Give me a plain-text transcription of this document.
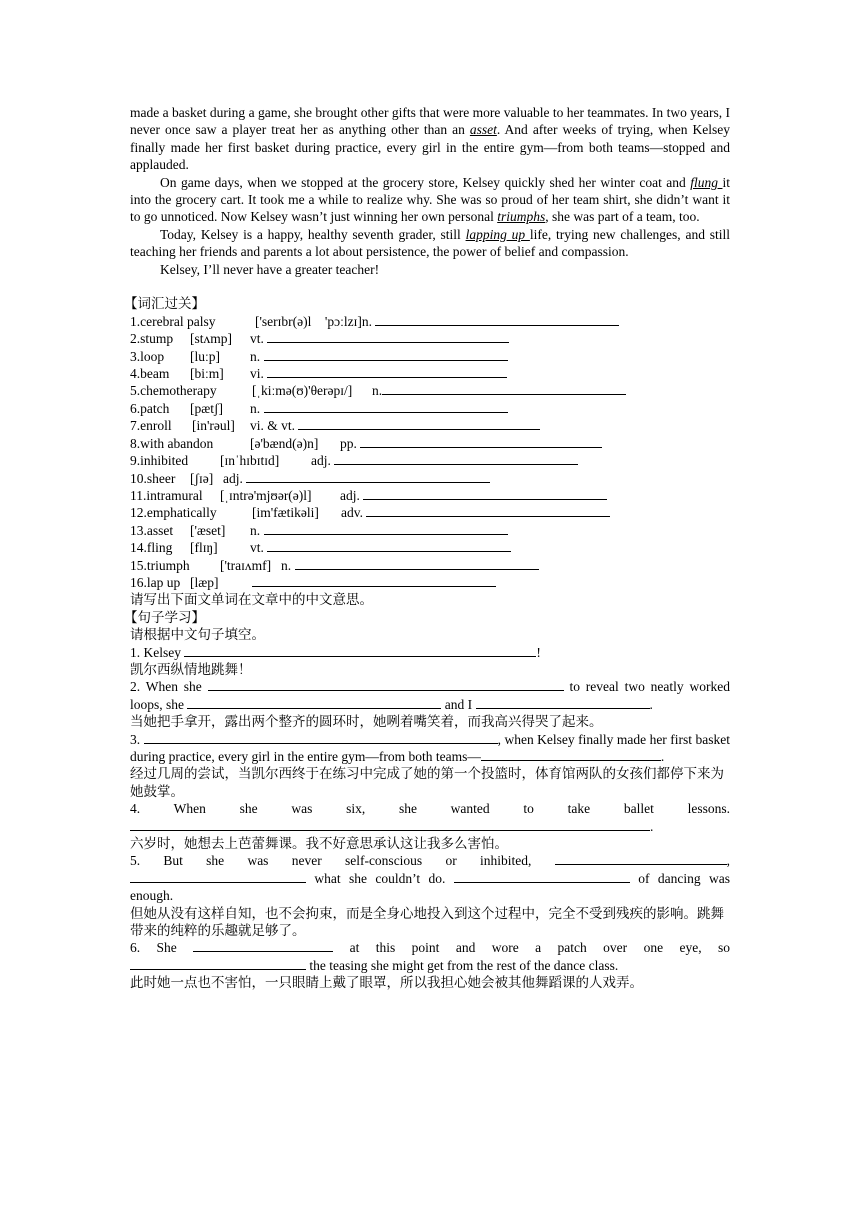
made a basket during a game, she brought other gifts that were more valuable to her teammates. In two years, I never once saw a player treat her as anything other than an asset. And after weeks of trying, when Kelsey finally made her first basket during practice, every girl in the entire gym—from both teams—stopped and applauded.

On game days, when we stopped at the grocery store, Kelsey quickly shed her winter coat and flung it into the grocery cart. It took me a while to realize why. She was so proud of her team shirt, she didn’t want it to go unnoticed. Now Kelsey wasn’t just winning her own personal triumphs, she was part of a team, too.

Today, Kelsey is a happy, healthy seventh grader, still lapping up life, trying new challenges, and still teaching her friends and parents a lot about persistence, the power of belief and compassion.

Kelsey, I’ll never have a greater teacher!

【词汇过关】

1.cerebral palsy	['serɪbr(ə)l　'pɔːlzɪ]n.
2.stump [stʌmp] vt.
3.loop [luːp] n.
4.beam [biːm] vi.
5.chemotherapy	[ˌkiːmə(ʊ)'θerəpɪ/] n.
6.patch [pætʃ] n.
7.enroll [in'rəul] vi. & vt.
8.with abandon	[ə'bænd(ə)n] pp.
9.inhibited [ɪnˈhɪbɪtɪd] adj.
10.sheer [ʃɪə] adj.
11.intramural [ˌɪntrə'mjʊər(ə)l] adj.
12.emphatically	[im'fætikəli] adv.
13.asset ['æset] n.
14.fling [flɪŋ] vt.
15.triumph ['traɪʌmf] n.
16.lap up [læp]

请写出下面文单词在文章中的中文意思。

【句子学习】

请根据中文句子填空。

1. Kelsey	!

凯尔西纵情地跳舞！

2. When she	to reveal two neatly worked loops, she	and I	.

当她把手拿开，露出两个整齐的圆环时，她咧着嘴笑着，而我高兴得哭了起来。

3.	, when Kelsey finally made her first basket during practice, every girl in the entire gym—from both teams—	.

经过几周的尝试，当凯尔西终于在练习中完成了她的第一个投篮时，体育馆两队的女孩们都停下来为她鼓掌。

4. When she was six, she wanted to take ballet lessons. .

六岁时，她想去上芭蕾舞课。我不好意思承认这让我多么害怕。

5. But she was never self-conscious or inhibited,	,  what she couldn’t do.	of dancing was enough.

但她从没有这样自知，也不会拘束，而是全身心地投入到这个过程中，完全不受到残疾的影响。跳舞带来的纯粹的乐趣就足够了。

6. She	at this point and wore a patch over one eye, so  the teasing she might get from the rest of the dance class.

此时她一点也不害怕，一只眼睛上戴了眼罩，所以我担心她会被其他舞蹈课的人戏弄。
